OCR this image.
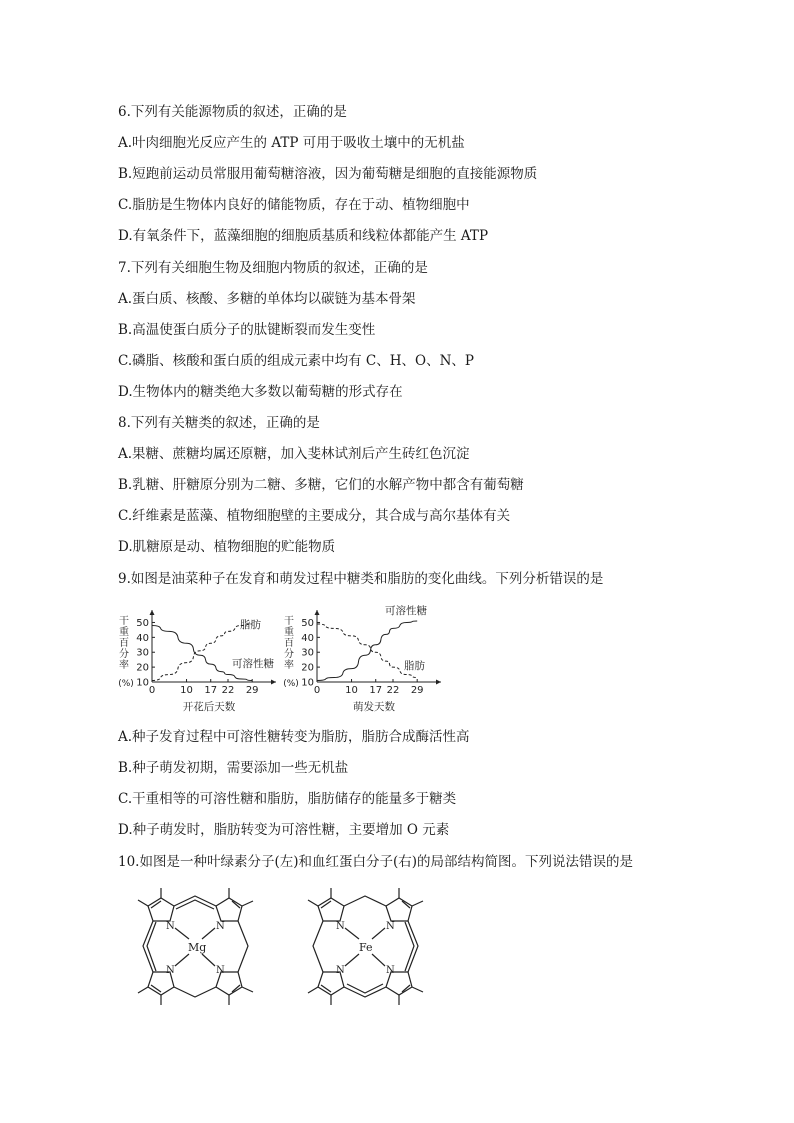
6.下列有关能源物质的叙述，正确的是
A.叶肉细胞光反应产生的 ATP 可用于吸收土壤中的无机盐
B.短跑前运动员常服用葡萄糖溶液，因为葡萄糖是细胞的直接能源物质
C.脂肪是生物体内良好的储能物质，存在于动、植物细胞中
D.有氧条件下，蓝藻细胞的细胞质基质和线粒体都能产生 ATP
7.下列有关细胞生物及细胞内物质的叙述，正确的是
A.蛋白质、核酸、多糖的单体均以碳链为基本骨架
B.高温使蛋白质分子的肽键断裂而发生变性
C.磷脂、核酸和蛋白质的组成元素中均有 C、H、O、N、P
D.生物体内的糖类绝大多数以葡萄糖的形式存在
8.下列有关糖类的叙述，正确的是
A.果糖、蔗糖均属还原糖，加入斐林试剂后产生砖红色沉淀
B.乳糖、肝糖原分别为二糖、多糖，它们的水解产物中都含有葡萄糖
C.纤维素是蓝藻、植物细胞壁的主要成分，其合成与高尔基体有关
D.肌糖原是动、植物细胞的贮能物质
9.如图是油菜种子在发育和萌发过程中糖类和脂肪的变化曲线。下列分析错误的是
10
20
30
40
50
0 10 17 22 29
干
重
百
分
率
(%)
开花后天数
脂肪
可溶性糖
10
20
30
40
50
0 10 17 22 29
干
重
百
分
率
(%)
萌发天数
可溶性糖
脂肪
A.种子发育过程中可溶性糖转变为脂肪，脂肪合成酶活性高
B.种子萌发初期，需要添加一些无机盐
C.干重相等的可溶性糖和脂肪，脂肪储存的能量多于糖类
D.种子萌发时，脂肪转变为可溶性糖，主要增加 O 元素
10.如图是一种叶绿素分子(左)和血红蛋白分子(右)的局部结构简图。下列说法错误的是
N	N
N	N
Mg
N	N
N	N
Fe
